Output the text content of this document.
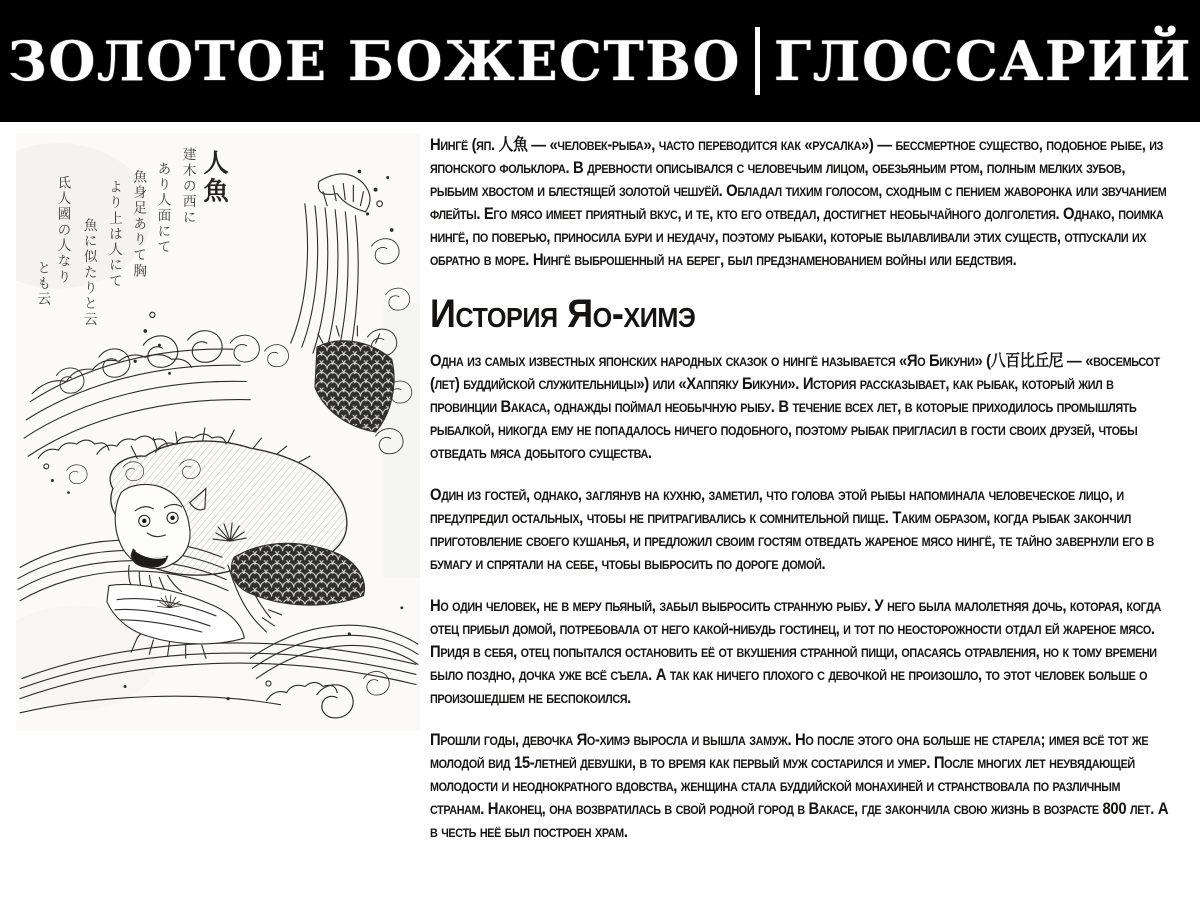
ЗОЛОТОЕ БОЖЕСТВО ГЛОССАРИЙ
人魚
建木の西に
あり人面にて
魚身足ありて胸
より上は人にて
魚に似たりと云
氐人國の人なり
とも云

Нингё (яп. 人魚 — «человек-рыба», часто переводится как «русалка») — бессмертное существо, подобное рыбе, из японского фольклора. В древности описывался с человечьим лицом, обезьяньим ртом, полным мелких зубов, рыбьим хвостом и блестящей золотой чешуёй. Обладал тихим голосом, сходным с пением жаворонка или звучанием флейты. Его мясо имеет приятный вкус, и те, кто его отведал, достигнет необычайного долголетия. Однако, поимка нингё, по поверью, приносила бури и неудачу, поэтому рыбаки, которые вылавливали этих существ, отпускали их обратно в море. Нингё выброшенный на берег, был предзнаменованием войны или бедствия.

История Яо-химэ

Одна из самых известных японских народных сказок о нингё называется «Яо Бикуни» (八百比丘尼 — «восемьсот (лет) буддийской служительницы») или «Хаппяку Бикуни». История рассказывает, как рыбак, который жил в провинции Вакаса, однажды поймал необычную рыбу. В течение всех лет, в которые приходилось промышлять рыбалкой, никогда ему не попадалось ничего подобного, поэтому рыбак пригласил в гости своих друзей, чтобы отведать мяса добытого существа.

Один из гостей, однако, заглянув на кухню, заметил, что голова этой рыбы напоминала человеческое лицо, и предупредил остальных, чтобы не притрагивались к сомнительной пище. Таким образом, когда рыбак закончил приготовление своего кушанья, и предложил своим гостям отведать жареное мясо нингё, те тайно завернули его в бумагу и спрятали на себе, чтобы выбросить по дороге домой.

Но один человек, не в меру пьяный, забыл выбросить странную рыбу. У него была малолетняя дочь, которая, когда отец прибыл домой, потребовала от него какой-нибудь гостинец, и тот по неосторожности отдал ей жареное мясо. Придя в себя, отец попытался остановить её от вкушения странной пищи, опасаясь отравления, но к тому времени было поздно, дочка уже всё съела. А так как ничего плохого с девочкой не произошло, то этот человек больше о произошедшем не беспокоился.

Прошли годы, девочка Яо-химэ выросла и вышла замуж. Но после этого она больше не старела; имея всё тот же молодой вид 15-летней девушки, в то время как первый муж состарился и умер. После многих лет неувядающей молодости и неоднократного вдовства, женщина стала буддийской монахиней и странствовала по различным странам. Наконец, она возвратилась в свой родной город в Вакасе, где закончила свою жизнь в возрасте 800 лет. А в честь неё был построен храм.
